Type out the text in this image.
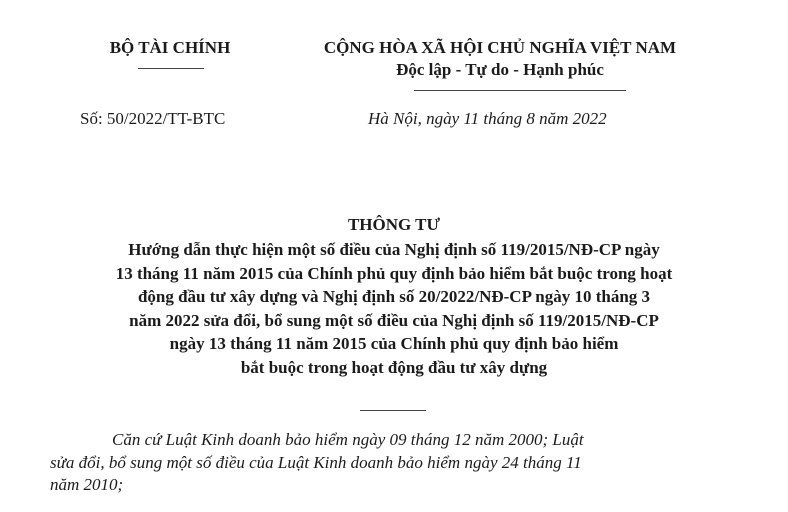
BỘ TÀI CHÍNH	CỘNG HÒA XÃ HỘI CHỦ NGHĨA VIỆT NAM
Độc lập - Tự do - Hạnh phúc
Số: 50/2022/TT-BTC	Hà Nội, ngày 11 tháng 8 năm 2022
THÔNG TƯ
Hướng dẫn thực hiện một số điều của Nghị định số 119/2015/NĐ-CP ngày
13 tháng 11 năm 2015 của Chính phủ quy định bảo hiểm bắt buộc trong hoạt
động đầu tư xây dựng và Nghị định số 20/2022/NĐ-CP ngày 10 tháng 3
năm 2022 sửa đổi, bổ sung một số điều của Nghị định số 119/2015/NĐ-CP
ngày 13 tháng 11 năm 2015 của Chính phủ quy định bảo hiểm
bắt buộc trong hoạt động đầu tư xây dựng
Căn cứ Luật Kinh doanh bảo hiểm ngày 09 tháng 12 năm 2000; Luật
sửa đổi, bổ sung một số điều của Luật Kinh doanh bảo hiểm ngày 24 tháng 11
năm 2010;
